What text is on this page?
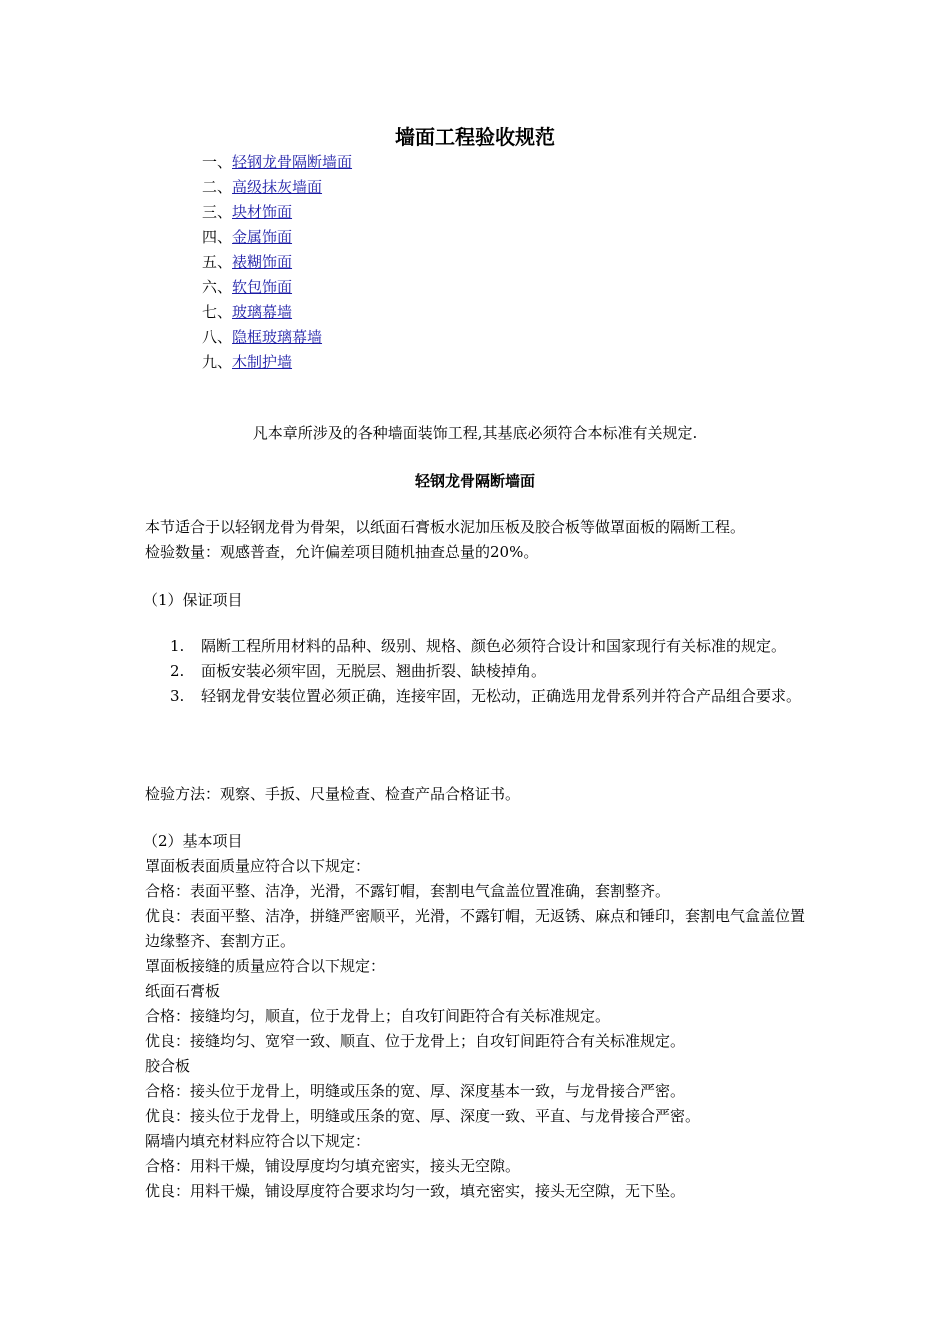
墙面工程验收规范
一、轻钢龙骨隔断墙面
二、高级抹灰墙面
三、块材饰面
四、金属饰面
五、裱糊饰面
六、软包饰面
七、玻璃幕墙
八、隐框玻璃幕墙
九、木制护墙
凡本章所涉及的各种墙面装饰工程,其基底必须符合本标准有关规定.
轻钢龙骨隔断墙面

本节适合于以轻钢龙骨为骨架，以纸面石膏板水泥加压板及胶合板等做罩面板的隔断工程。

检验数量：观感普查，允许偏差项目随机抽查总量的20%。

（1）保证项目
1.	隔断工程所用材料的品种、级别、规格、颜色必须符合设计和国家现行有关标准的规定。
2.	面板安装必须牢固，无脱层、翘曲折裂、缺棱掉角。
3.	轻钢龙骨安装位置必须正确，连接牢固，无松动，正确选用龙骨系列并符合产品组合要求。
检验方法：观察、手扳、尺量检查、检查产品合格证书。

（2）基本项目

罩面板表面质量应符合以下规定：

合格：表面平整、洁净，光滑，不露钉帽，套割电气盒盖位置准确，套割整齐。

优良：表面平整、洁净，拼缝严密顺平，光滑，不露钉帽，无返锈、麻点和锤印，套割电气盒盖位置边缘整齐、套割方正。

罩面板接缝的质量应符合以下规定：

纸面石膏板

合格：接缝均匀，顺直，位于龙骨上；自攻钉间距符合有关标准规定。

优良：接缝均匀、宽窄一致、顺直、位于龙骨上；自攻钉间距符合有关标准规定。

胶合板

合格：接头位于龙骨上，明缝或压条的宽、厚、深度基本一致，与龙骨接合严密。

优良：接头位于龙骨上，明缝或压条的宽、厚、深度一致、平直、与龙骨接合严密。

隔墙内填充材料应符合以下规定：

合格：用料干燥，铺设厚度均匀填充密实，接头无空隙。

优良：用料干燥，铺设厚度符合要求均匀一致，填充密实，接头无空隙，无下坠。
